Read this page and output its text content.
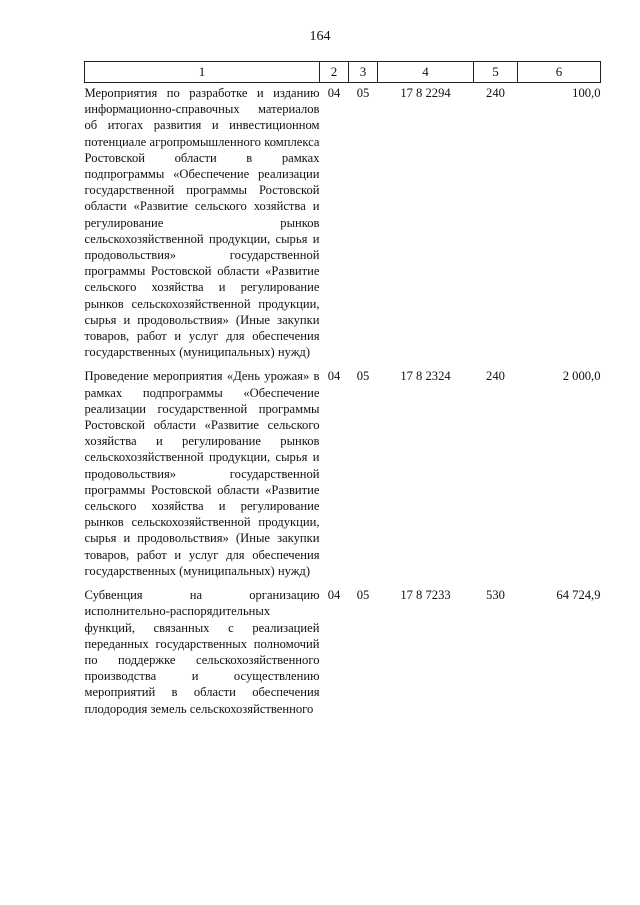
164
1	2	3	4	5	6
Мероприятия по разработке и изданию информационно-справочных материалов об итогах развития и инвестиционном потенциале агропромышленного комплекса Ростовской области в рамках подпрограммы «Обеспечение реализации государственной программы Ростовской области «Развитие сельского хозяйства и регулирование рынков сельскохозяйственной продукции, сырья и продовольствия» государственной программы Ростовской области «Развитие сельского хозяйства и регулирование рынков сельскохозяйственной продукции, сырья и продовольствия» (Иные закупки товаров, работ и услуг для обеспечения государственных (муниципальных) нужд)	04	05	17 8 2294	240	100,0
Проведение мероприятия «День урожая» в рамках подпрограммы «Обеспечение реализации государственной программы Ростовской области «Развитие сельского хозяйства и регулирование рынков сельскохозяйственной продукции, сырья и продовольствия» государственной программы Ростовской области «Развитие сельского хозяйства и регулирование рынков сельскохозяйственной продукции, сырья и продовольствия» (Иные закупки товаров, работ и услуг для обеспечения государственных (муниципальных) нужд)	04	05	17 8 2324	240	2 000,0
Субвенция на организацию исполнительно-распорядительных функций, связанных с реализацией переданных государственных полномочий по поддержке сельскохозяйственного производства и осуществлению мероприятий в области обеспечения плодородия земель сельскохозяйственного	04	05	17 8 7233	530	64 724,9
